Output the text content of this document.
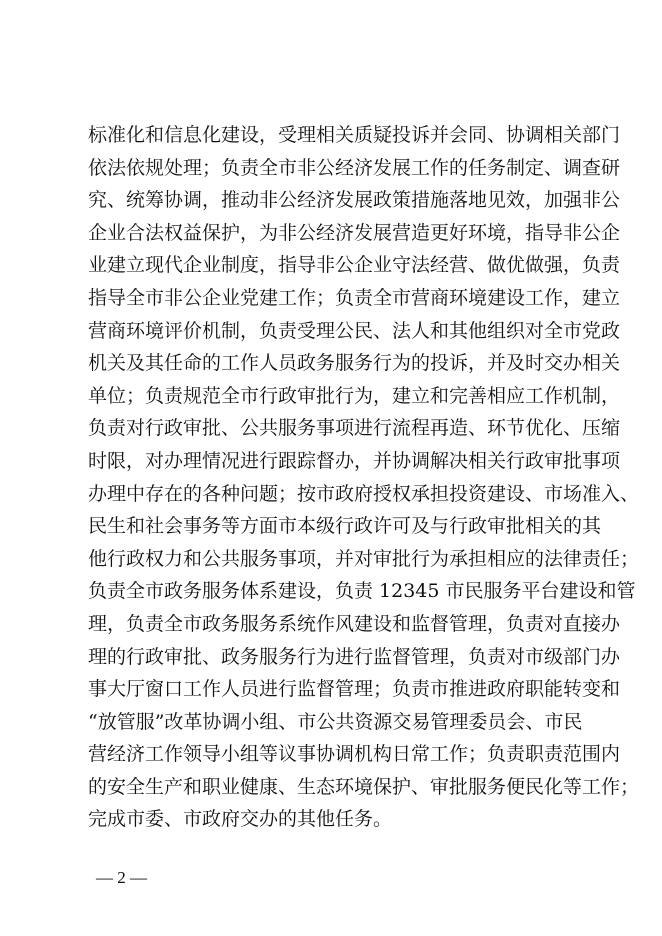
标准化和信息化建设，受理相关质疑投诉并会同、协调相关部门
依法依规处理；负责全市非公经济发展工作的任务制定、调查研
究、统筹协调，推动非公经济发展政策措施落地见效，加强非公
企业合法权益保护，为非公经济发展营造更好环境，指导非公企
业建立现代企业制度，指导非公企业守法经营、做优做强，负责
指导全市非公企业党建工作；负责全市营商环境建设工作，建立
营商环境评价机制，负责受理公民、法人和其他组织对全市党政
机关及其任命的工作人员政务服务行为的投诉，并及时交办相关
单位；负责规范全市行政审批行为，建立和完善相应工作机制，
负责对行政审批、公共服务事项进行流程再造、环节优化、压缩
时限，对办理情况进行跟踪督办，并协调解决相关行政审批事项
办理中存在的各种问题；按市政府授权承担投资建设、市场准入、
民生和社会事务等方面市本级行政许可及与行政审批相关的其
他行政权力和公共服务事项，并对审批行为承担相应的法律责任；
负责全市政务服务体系建设，负责 12345 市民服务平台建设和管
理，负责全市政务服务系统作风建设和监督管理，负责对直接办
理的行政审批、政务服务行为进行监督管理，负责对市级部门办
事大厅窗口工作人员进行监督管理；负责市推进政府职能转变和
“放管服”改革协调小组、市公共资源交易管理委员会、市民
营经济工作领导小组等议事协调机构日常工作；负责职责范围内
的安全生产和职业健康、生态环境保护、审批服务便民化等工作；
完成市委、市政府交办的其他任务。
— 2 —
